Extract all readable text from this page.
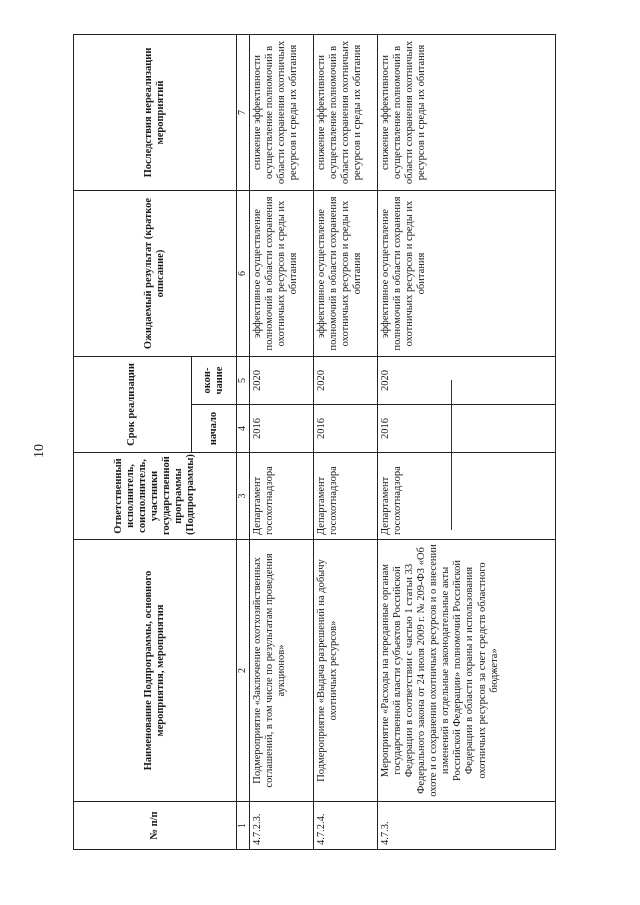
10
№ п/п	Наименование Подпрограммы, основного мероприятия, мероприятия	Ответственный исполнитель, соисполнитель, участники государственной программы (Подпрограммы)	Срок реализации		Ожидаемый результат (краткое описание)	Последствия нереализации мероприятий
			начало	окон-чание		
1	2	3	4	5	6	7
4.7.2.3.	Подмероприятие «Заключение охотхозяйственных соглашений, в том числе по результатам проведения аукционов»	Департамент госохотнадзора	2016	2020	эффективное осуществление полномочий в области сохранения охотничьих ресурсов и среды их обитания	снижение эффективности осуществление полномочий в области сохранения охотничьих ресурсов и среды их обитания
4.7.2.4.	Подмероприятие «Выдача разрешений на добычу охотничьих ресурсов»	Департамент госохотнадзора	2016	2020	эффективное осуществление полномочий в области сохранения охотничьих ресурсов и среды их обитания	снижение эффективности осуществление полномочий в области сохранения охотничьих ресурсов и среды их обитания
4.7.3.	Мероприятие «Расходы на переданные органам государственной власти субъектов Российской Федерации в соответствии с частью 1 статьи 33 Федерального закона от 24 июля 2009 г. № 209-ФЗ «Об охоте и о сохранении охотничьих ресурсов и о внесении изменений в отдельные законодательные акты Российской Федерации» полномочий Российской Федерации в области охраны и использования охотничьих ресурсов за счет средств областного бюджета»	Департамент госохотнадзора	2016	2020	эффективное осуществление полномочий в области сохранения охотничьих ресурсов и среды их обитания	снижение эффективности осуществление полномочий в области сохранения охотничьих ресурсов и среды их обитания
